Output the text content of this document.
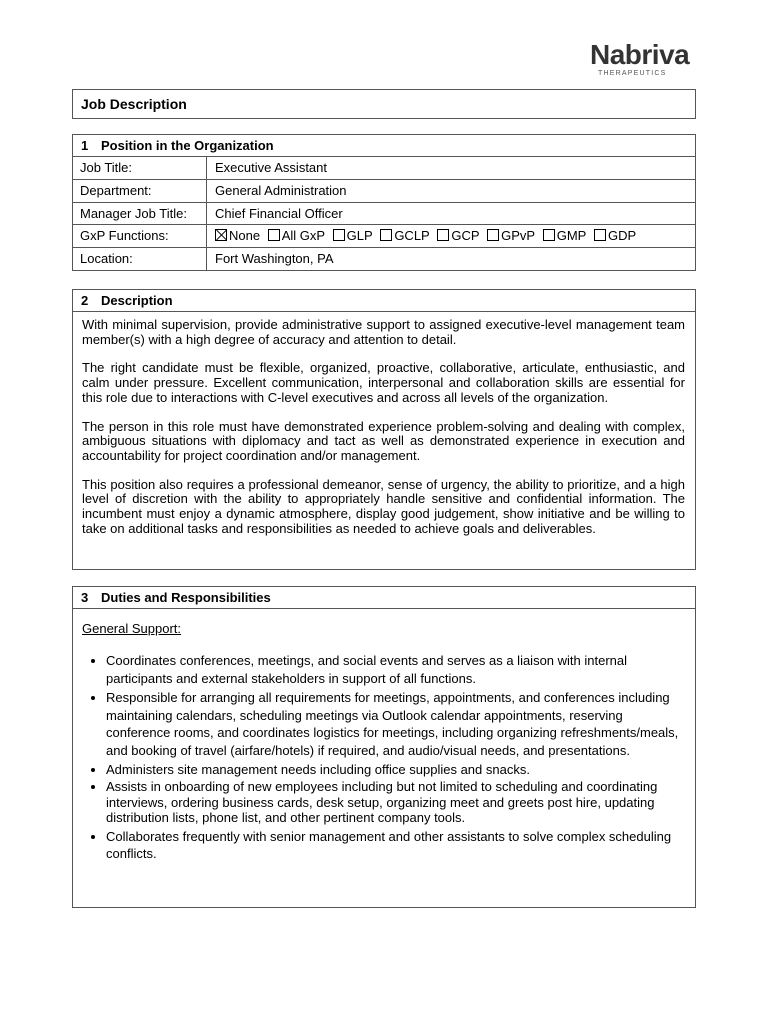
Nabriva
THERAPEUTICS
Job Description
1 Position in the Organization
Job Title:	Executive Assistant
Department:	General Administration
Manager Job Title:	Chief Financial Officer
GxP Functions:	None All GxP GLP GCLP GCP GPvP GMP GDP
Location:	Fort Washington, PA
2 Description

With minimal supervision, provide administrative support to assigned executive-level management team member(s) with a high degree of accuracy and attention to detail.

The right candidate must be flexible, organized, proactive, collaborative, articulate, enthusiastic, and calm under pressure. Excellent communication, interpersonal and collaboration skills are essential for this role due to interactions with C-level executives and across all levels of the organization.

The person in this role must have demonstrated experience problem-solving and dealing with complex, ambiguous situations with diplomacy and tact as well as demonstrated experience in execution and accountability for project coordination and/or management.

This position also requires a professional demeanor, sense of urgency, the ability to prioritize, and a high level of discretion with the ability to appropriately handle sensitive and confidential information. The incumbent must enjoy a dynamic atmosphere, display good judgement, show initiative and be willing to take on additional tasks and responsibilities as needed to achieve goals and deliverables.

3 Duties and Responsibilities
General Support:
• Coordinates conferences, meetings, and social events and serves as a liaison with internal participants and external stakeholders in support of all functions.
• Responsible for arranging all requirements for meetings, appointments, and conferences including maintaining calendars, scheduling meetings via Outlook calendar appointments, reserving conference rooms, and coordinates logistics for meetings, including organizing refreshments/meals, and booking of travel (airfare/hotels) if required, and audio/visual needs, and presentations.
• Administers site management needs including office supplies and snacks.
• Assists in onboarding of new employees including but not limited to scheduling and coordinating interviews, ordering business cards, desk setup, organizing meet and greets post hire, updating distribution lists, phone list, and other pertinent company tools.
• Collaborates frequently with senior management and other assistants to solve complex scheduling conflicts.
